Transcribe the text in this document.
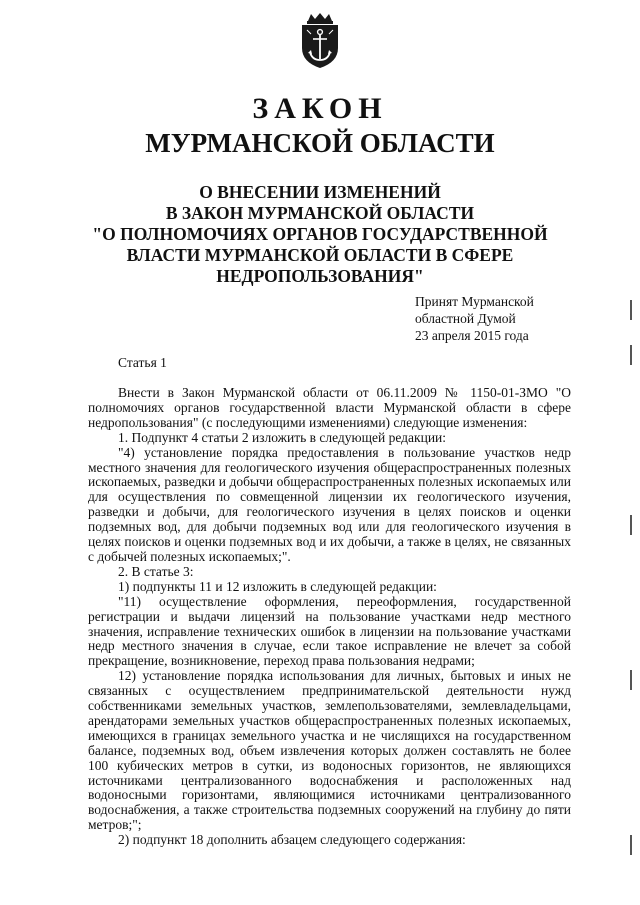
ЗАКОН
МУРМАНСКОЙ ОБЛАСТИ
О ВНЕСЕНИИ ИЗМЕНЕНИЙ
В ЗАКОН МУРМАНСКОЙ ОБЛАСТИ
"О ПОЛНОМОЧИЯХ ОРГАНОВ ГОСУДАРСТВЕННОЙ
ВЛАСТИ МУРМАНСКОЙ ОБЛАСТИ В СФЕРЕ
НЕДРОПОЛЬЗОВАНИЯ"
Принят Мурманской
областной Думой
23 апреля 2015 года
Статья 1

Внести в Закон Мурманской области от 06.11.2009 № 1150-01-ЗМО "О полномочиях органов государственной власти Мурманской области в сфере недропользования" (с последующими изменениями) следующие изменения:

1. Подпункт 4 статьи 2 изложить в следующей редакции:

"4) установление порядка предоставления в пользование участков недр местного значения для геологического изучения общераспространенных полезных ископаемых, разведки и добычи общераспространенных полезных ископаемых или для осуществления по совмещенной лицензии их геологического изучения, разведки и добычи, для геологического изучения в целях поисков и оценки подземных вод, для добычи подземных вод или для геологического изучения в целях поисков и оценки подземных вод и их добычи, а также в целях, не связанных с добычей полезных ископаемых;".

2. В статье 3:

1) подпункты 11 и 12 изложить в следующей редакции:

"11) осуществление оформления, переоформления, государственной регистрации и выдачи лицензий на пользование участками недр местного значения, исправление технических ошибок в лицензии на пользование участками недр местного значения в случае, если такое исправление не влечет за собой прекращение, возникновение, переход права пользования недрами;

12) установление порядка использования для личных, бытовых и иных не связанных с осуществлением предпринимательской деятельности нужд собственниками земельных участков, землепользователями, землевладельцами, арендаторами земельных участков общераспространенных полезных ископаемых, имеющихся в границах земельного участка и не числящихся на государственном балансе, подземных вод, объем извлечения которых должен составлять не более 100 кубических метров в сутки, из водоносных горизонтов, не являющихся источниками централизованного водоснабжения и расположенных над водоносными горизонтами, являющимися источниками централизованного водоснабжения, а также строительства подземных сооружений на глубину до пяти метров;";

2) подпункт 18 дополнить абзацем следующего содержания:
